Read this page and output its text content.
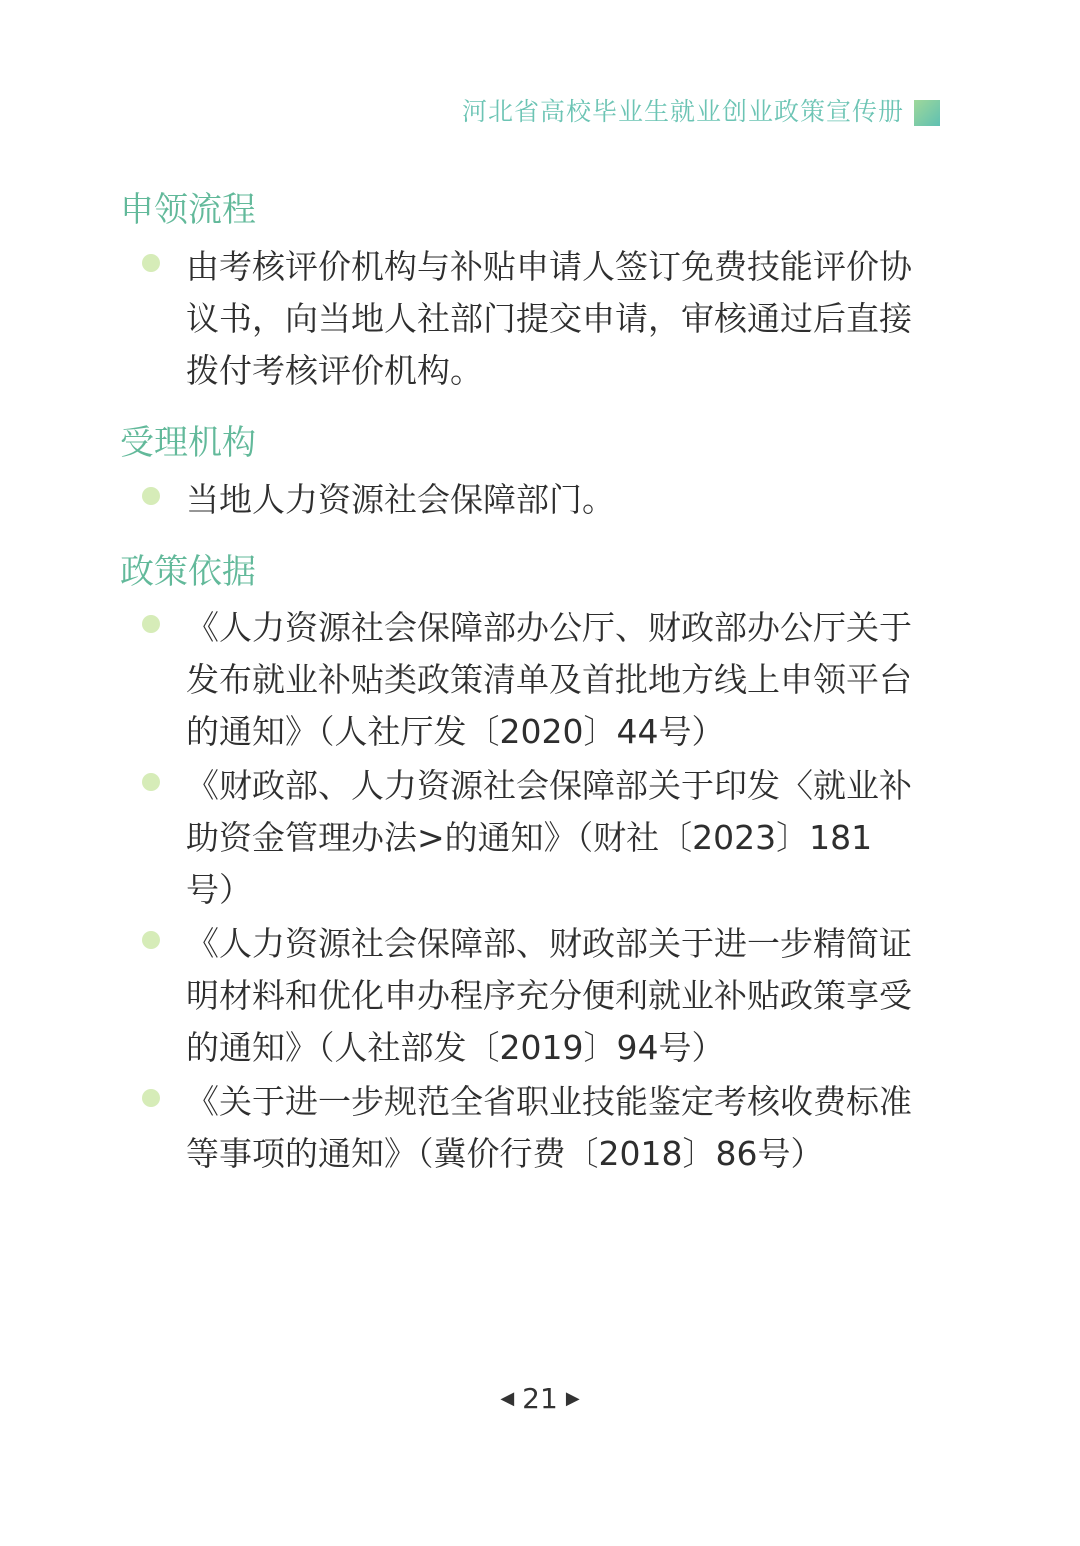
河北省高校毕业生就业创业政策宣传册
申领流程
由考核评价机构与补贴申请人签订免费技能评价协议书，向当地人社部门提交申请，审核通过后直接拨付考核评价机构。
受理机构
当地人力资源社会保障部门。
政策依据
《人力资源社会保障部办公厅、财政部办公厅关于发布就业补贴类政策清单及首批地方线上申领平台的通知》（人社厅发〔2020〕44号）
《财政部、人力资源社会保障部关于印发〈就业补助资金管理办法>的通知》（财社〔2023〕181号）
《人力资源社会保障部、财政部关于进一步精简证明材料和优化申办程序充分便利就业补贴政策享受的通知》（人社部发〔2019〕94号）
《关于进一步规范全省职业技能鉴定考核收费标准等事项的通知》（冀价行费〔2018〕86号）
◀ 21 ▶
